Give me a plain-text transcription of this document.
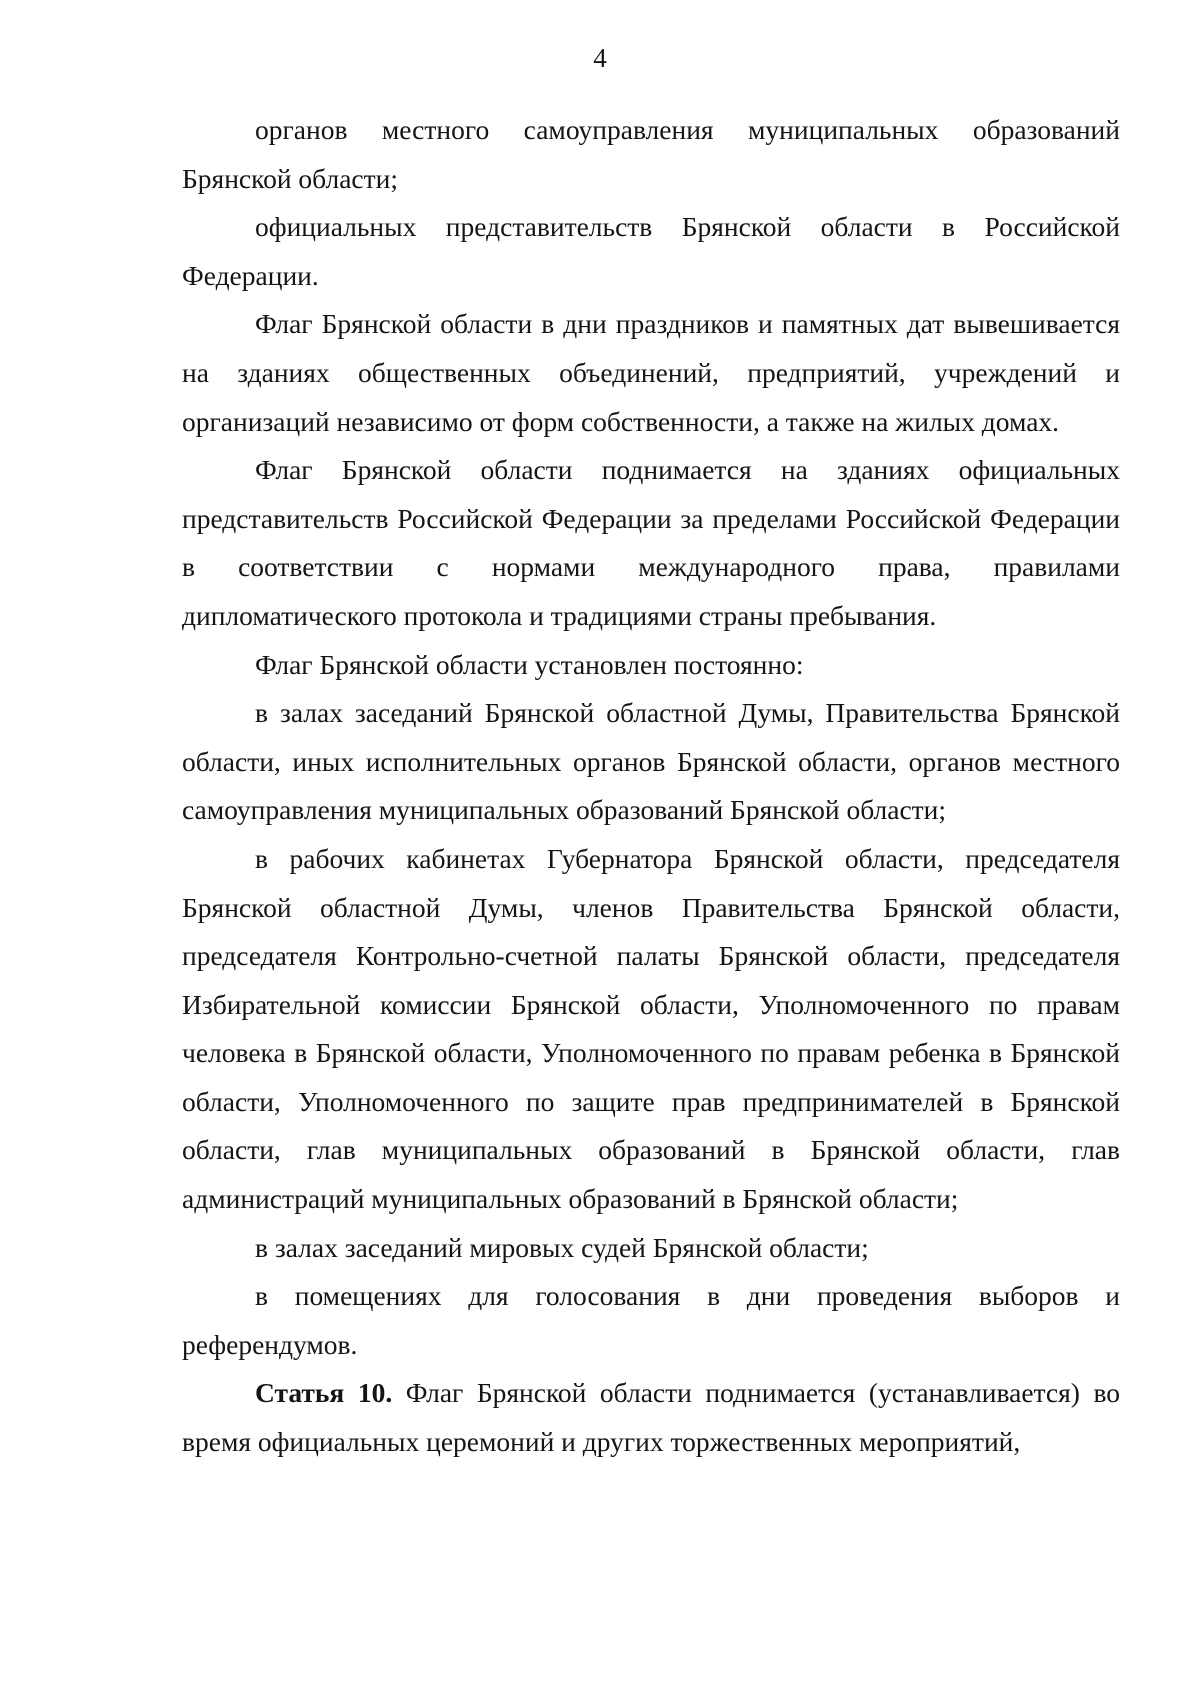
4

органов местного самоуправления муниципальных образований Брянской области;

официальных представительств Брянской области в Российской Федерации.

Флаг Брянской области в дни праздников и памятных дат вывешивается на зданиях общественных объединений, предприятий, учреждений и организаций независимо от форм собственности, а также на жилых домах.

Флаг Брянской области поднимается на зданиях официальных представительств Российской Федерации за пределами Российской Федерации в соответствии с нормами международного права, правилами дипломатического протокола и традициями страны пребывания.

Флаг Брянской области установлен постоянно:

в залах заседаний Брянской областной Думы, Правительства Брянской области, иных исполнительных органов Брянской области, органов местного самоуправления муниципальных образований Брянской области;

в рабочих кабинетах Губернатора Брянской области, председателя Брянской областной Думы, членов Правительства Брянской области, председателя Контрольно-счетной палаты Брянской области, председателя Избирательной комиссии Брянской области, Уполномоченного по правам человека в Брянской области, Уполномоченного по правам ребенка в Брянской области, Уполномоченного по защите прав предпринимателей в Брянской области, глав муниципальных образований в Брянской области, глав администраций муниципальных образований в Брянской области;

в залах заседаний мировых судей Брянской области;

в помещениях для голосования в дни проведения выборов и референдумов.

Статья 10. Флаг Брянской области поднимается (устанавливается) во время официальных церемоний и других торжественных мероприятий,
